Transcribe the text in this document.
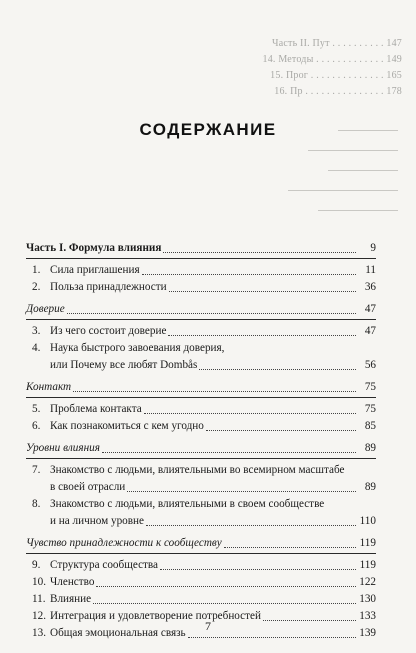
Часть II. Пут . . . . . . . . . . 147
14. Методы . . . . . . . . . . . . . 149
15. Прог . . . . . . . . . . . . . . 165
16. Пр . . . . . . . . . . . . . . . 178
СОДЕРЖАНИЕ
Часть I. Формула влияния	9
1. Сила приглашения	11
2. Польза принадлежности	36
Доверие	47
3. Из чего состоит доверие	47
4. Наука быстрого завоевания доверия,
или Почему все любят Dombås	56
Контакт	75
5. Проблема контакта	75
6. Как познакомиться с кем угодно	85
Уровни влияния	89
7. Знакомство с людьми, влиятельными во всемирном масштабе
в своей отрасли	89
8. Знакомство с людьми, влиятельными в своем сообществе
и на личном уровне	110
Чувство принадлежности к сообществу	119
9. Структура сообщества	119
10. Членство	122
11. Влияние	130
12. Интеграция и удовлетворение потребностей	133
13. Общая эмоциональная связь	139
7
